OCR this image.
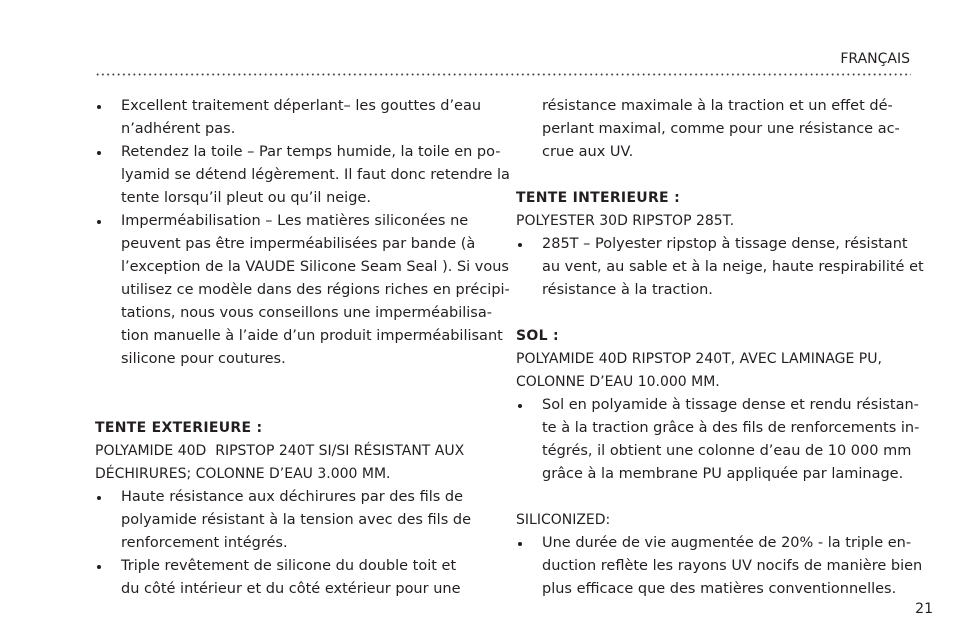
FRANÇAIS
Excellent traitement déperlant– les gouttes d’eau
n’adhérent pas.
Retendez la toile – Par temps humide, la toile en po-
lyamid se détend légèrement. Il faut donc retendre la
tente lorsqu’il pleut ou qu’il neige.
Imperméabilisation – Les matières siliconées ne
peuvent pas être imperméabilisées par bande (à
l’exception de la VAUDE Silicone Seam Seal ). Si vous
utilisez ce modèle dans des régions riches en précipi-
tations, nous vous conseillons une imperméabilisa-
tion manuelle à l’aide d’un produit imperméabilisant
silicone pour coutures.
TENTE EXTERIEURE :
POLYAMIDE 40D  RIPSTOP 240T SI/SI RÉSISTANT AUX
DÉCHIRURES; COLONNE D’EAU 3.000 MM.
Haute résistance aux déchirures par des fils de
polyamide résistant à la tension avec des fils de
renforcement intégrés.
Triple revêtement de silicone du double toit et
du côté intérieur et du côté extérieur pour une
résistance maximale à la traction et un effet dé-
perlant maximal, comme pour une résistance ac-
crue aux UV.
TENTE INTERIEURE :
POLYESTER 30D RIPSTOP 285T.
285T – Polyester ripstop à tissage dense, résistant
au vent, au sable et à la neige, haute respirabilité et
résistance à la traction.
SOL :
POLYAMIDE 40D RIPSTOP 240T, AVEC LAMINAGE PU,
COLONNE D’EAU 10.000 MM.
Sol en polyamide à tissage dense et rendu résistan-
te à la traction grâce à des fils de renforcements in-
tégrés, il obtient une colonne d’eau de 10 000 mm
grâce à la membrane PU appliquée par laminage.
SILICONIZED:
Une durée de vie augmentée de 20% - la triple en-
duction reflète les rayons UV nocifs de manière bien
plus efficace que des matières conventionnelles.
21
